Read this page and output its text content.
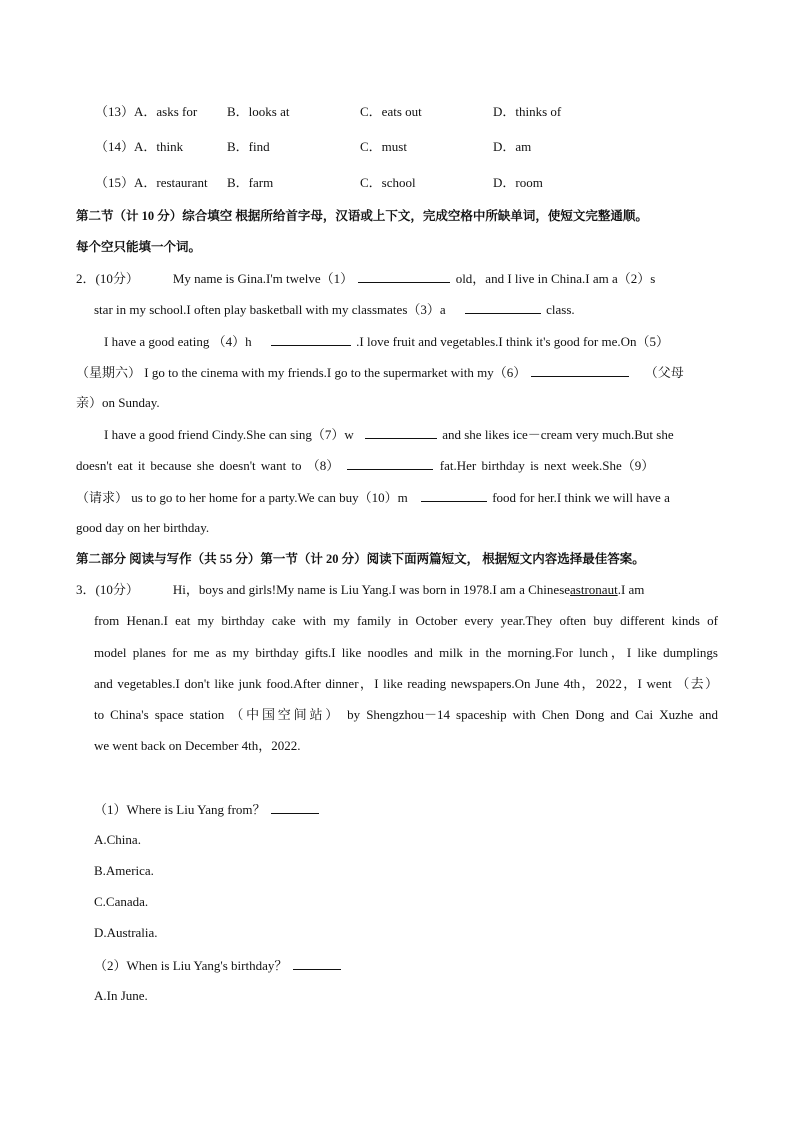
（13）A．asks for B．looks at	C．eats out	D．thinks of
（14）A．think	B．find	C．must	D．am
（15）A．restaurant B．farm	C．school	D．room
第二节（计 10 分）综合填空 根据所给首字母，汉语或上下文，完成空格中所缺单词，使短文完整通顺。
每个空只能填一个词。
2．(10分）	My name is Gina.I'm twelve（1）	old，and I live in China.I am a（2）s
star in my school.I often play basketball with my classmates（3）a	class.
I have a good eating （4）h	.I love fruit and vegetables.I think it's good for me.On（5）
（星期六） I go to the cinema with my friends.I go to the supermarket with my（6）	（父母
亲）on Sunday.
I have a good friend Cindy.She can sing（7）w	and she likes ice－cream very much.But she
doesn't eat it because she doesn't want to （8）	fat.Her birthday is next week.She（9）
（请求） us to go to her home for a party.We can buy（10）m	food for her.I think we will have a
good day on her birthday.
第二部分 阅读与写作（共 55 分）第一节（计 20 分）阅读下面两篇短文， 根据短文内容选择最佳答案。
3．(10分）	Hi，boys and girls!My name is Liu Yang.I was born in 1978.I am a Chineseastronaut.I am
from Henan.I eat my birthday cake with my family in October every year.They often buy different kinds of
model planes for me as my birthday gifts.I like noodles and milk in the morning.For lunch，I like dumplings
and vegetables.I don't like junk food.After dinner，I like reading newspapers.On June 4th，2022，I went （去）
to China's space station （中国空间站） by Shengzhou－14 spaceship with Chen Dong and Cai Xuzhe and
we went back on December 4th，2022.
（1）Where is Liu Yang from？
A.China.
B.America.
C.Canada.
D.Australia.
（2）When is Liu Yang's birthday？
A.In June.
